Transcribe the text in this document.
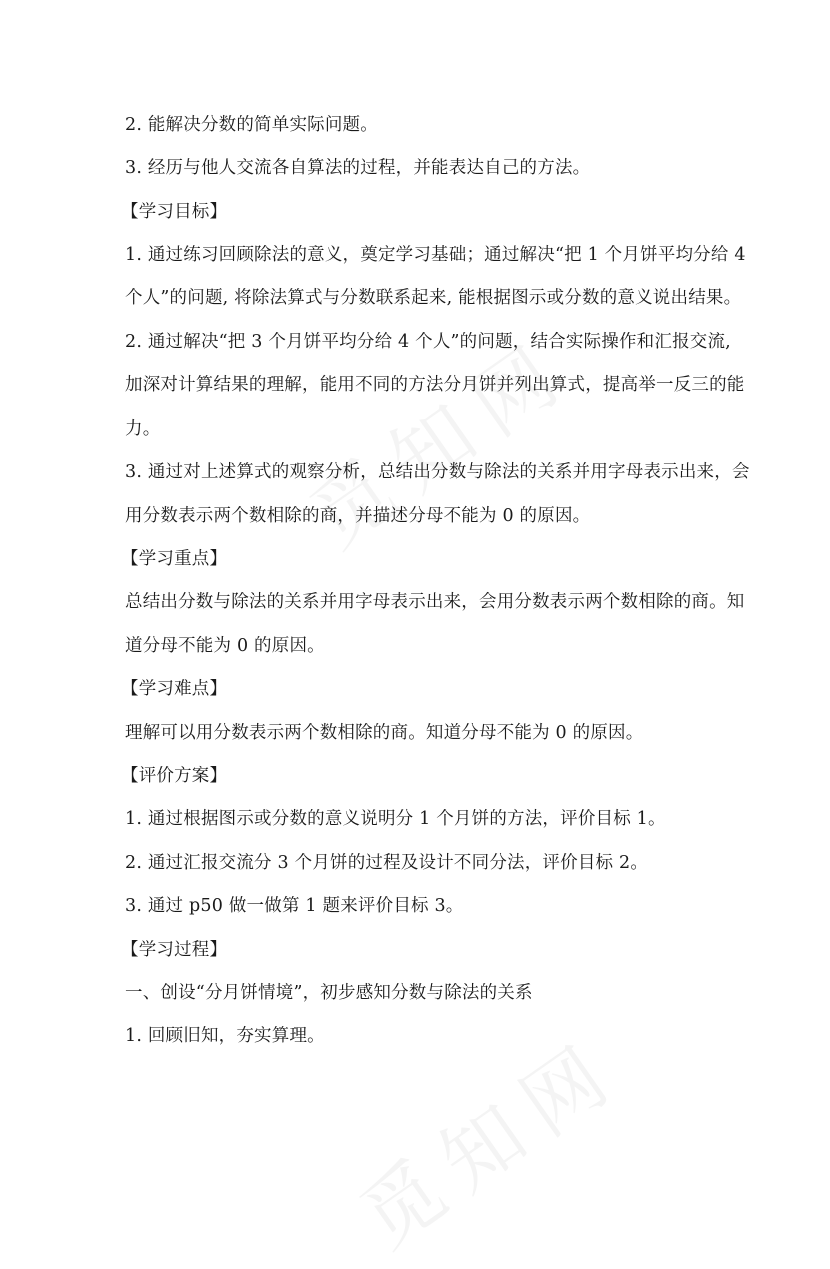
2. 能解决分数的简单实际问题。
3. 经历与他人交流各自算法的过程，并能表达自己的方法。
【学习目标】
1. 通过练习回顾除法的意义，奠定学习基础；通过解决“把 1 个月饼平均分给 4
个人”的问题, 将除法算式与分数联系起来, 能根据图示或分数的意义说出结果。
2. 通过解决“把 3 个月饼平均分给 4 个人”的问题，结合实际操作和汇报交流,
加深对计算结果的理解，能用不同的方法分月饼并列出算式，提高举一反三的能
力。
3. 通过对上述算式的观察分析，总结出分数与除法的关系并用字母表示出来，会
用分数表示两个数相除的商，并描述分母不能为 0 的原因。
【学习重点】
总结出分数与除法的关系并用字母表示出来，会用分数表示两个数相除的商。知
道分母不能为 0 的原因。
【学习难点】
理解可以用分数表示两个数相除的商。知道分母不能为 0 的原因。
【评价方案】
1. 通过根据图示或分数的意义说明分 1 个月饼的方法，评价目标 1。
2. 通过汇报交流分 3 个月饼的过程及设计不同分法，评价目标 2。
3. 通过 p50 做一做第 1 题来评价目标 3。
【学习过程】
一、创设“分月饼情境”，初步感知分数与除法的关系
1. 回顾旧知，夯实算理。
